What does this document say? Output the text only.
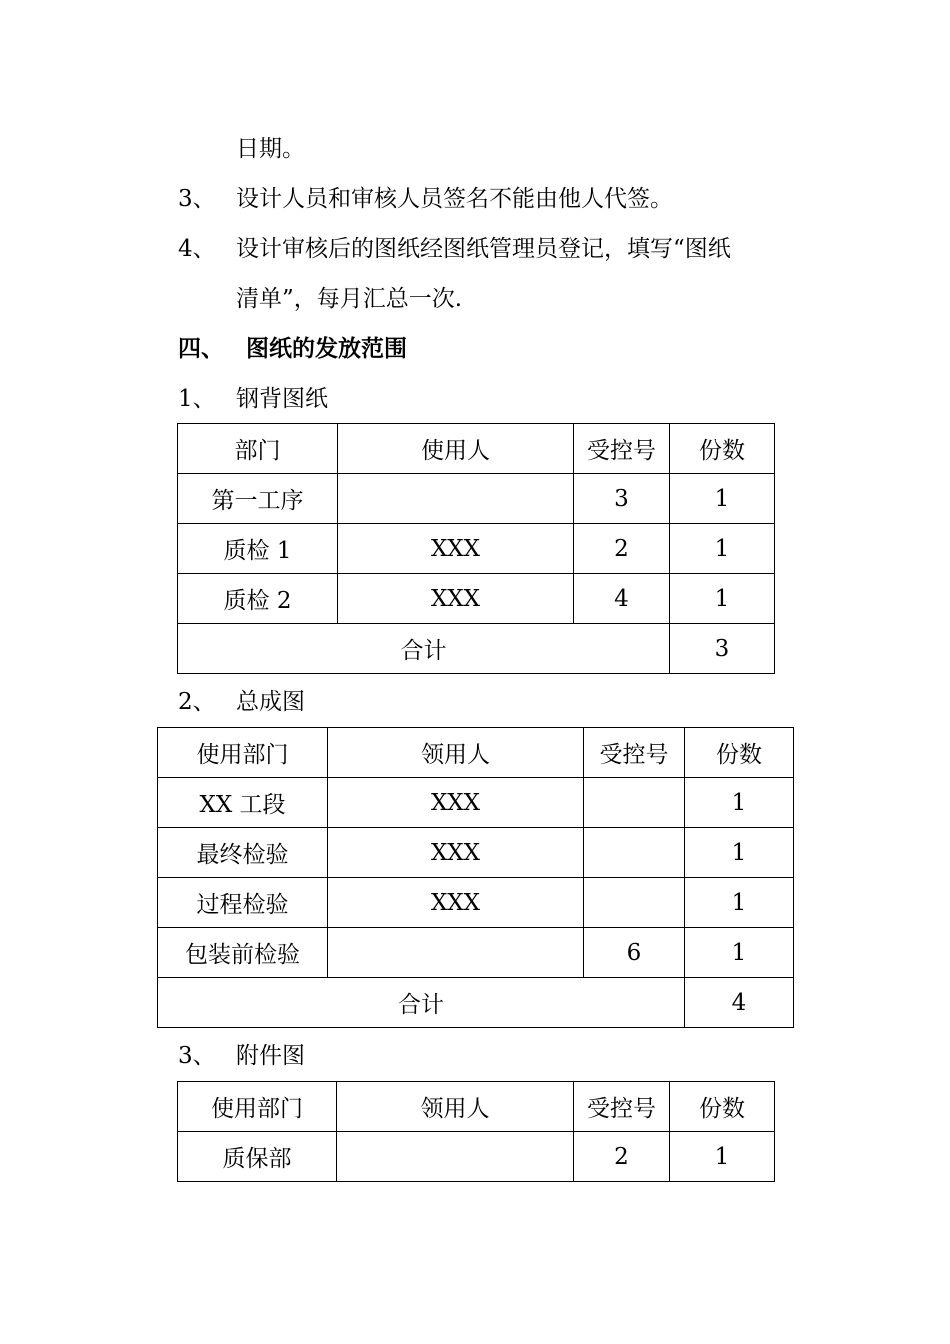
日期。
3、 设计人员和审核人员签名不能由他人代签。
4、 设计审核后的图纸经图纸管理员登记，填写“图纸
清单”，每月汇总一次.
四、 图纸的发放范围
1、 钢背图纸
部门	使用人	受控号	份数
第一工序		3	1
质检 1	XXX	2	1
质检 2	XXX	4	1
合计			3
2、 总成图
使用部门	领用人	受控号	份数
XX 工段	XXX		1
最终检验	XXX		1
过程检验	XXX		1
包装前检验		6	1
合计			4
3、 附件图
使用部门	领用人	受控号	份数
质保部		2	1
